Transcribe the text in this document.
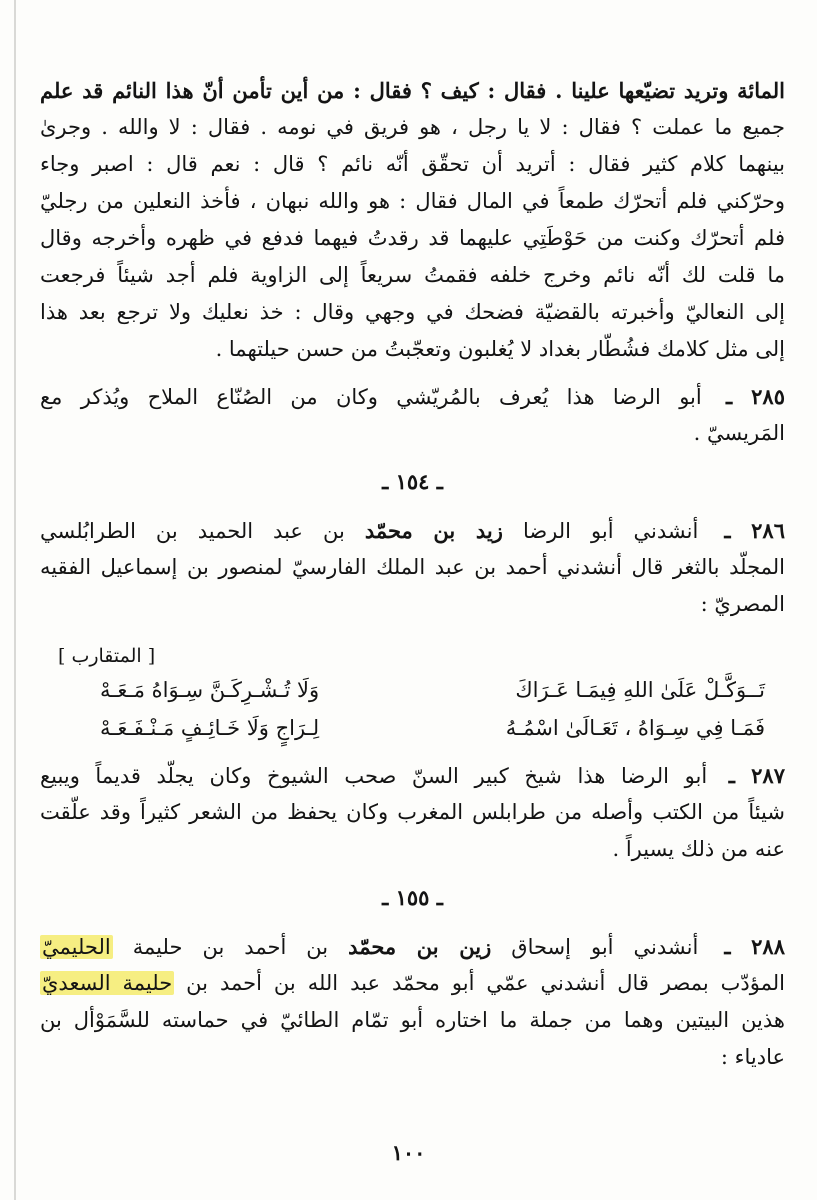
المائة وتريد تضيّعها علينا . فقال : كيف ؟ فقال : من أين تأمن أنّ هذا النائم قد علم
جميع ما عملت ؟ فقال : لا يا رجل ، هو فريق في نومه . فقال : لا والله . وجرىٰ
بينهما كلام كثير فقال : أتريد أن تحقّق أنّه نائم ؟ قال : نعم قال : اصبر وجاء
وحرّكني فلم أتحرّك طمعاً في المال فقال : هو والله نبهان ، فأخذ النعلين من رجليّ
فلم أتحرّك وكنت من حَوْطَتِي عليهما قد رقدتُ فيهما فدفع في ظهره وأخرجه وقال
ما قلت لك أنّه نائم وخرج خلفه فقمتُ سريعاً إلى الزاوية فلم أجد شيئاً فرجعت
إلى النعاليّ وأخبرته بالقضيّة فضحك في وجهي وقال : خذ نعليك ولا ترجع بعد هذا
إلى مثل كلامك فشُطّار بغداد لا يُغلبون وتعجّبتُ من حسن حيلتهما .
٢٨٥ ـ أبو الرضا هذا يُعرف بالمُريّشي وكان من الصُنّاع الملاح ويُذكر مع
المَريسيّ .
ـ ١٥٤ ـ
٢٨٦ ـ أنشدني أبو الرضا زيد بن محمّد بن عبد الحميد بن الطرابُلسي
المجلّد بالثغر قال أنشدني أحمد بن عبد الملك الفارسيّ لمنصور بن إسماعيل الفقيه
المصريّ :
[ المتقارب ]
تَــوَكَّـلْ عَلَىٰ اللهِ فِيمَـا عَـرَاكَ
وَلَا تُـشْـرِكَـنَّ سِـوَاهُ مَـعَـهْ
فَمَـا فِي سِـوَاهُ ، تَعَـالَىٰ اسْمُـهُ
لِـرَاجٍ وَلَا خَـائِـفٍ مَـنْـفَـعَـهْ
٢٨٧ ـ أبو الرضا هذا شيخ كبير السنّ صحب الشيوخ وكان يجلّد قديماً ويبيع
شيئاً من الكتب وأصله من طرابلس المغرب وكان يحفظ من الشعر كثيراً وقد علّقت
عنه من ذلك يسيراً .
ـ ١٥٥ ـ
٢٨٨ ـ أنشدني أبو إسحاق زين بن محمّد بن أحمد بن حليمة الحليميّ
المؤدّب بمصر قال أنشدني عمّي أبو محمّد عبد الله بن أحمد بن حليمة السعديّ
هذين البيتين وهما من جملة ما اختاره أبو تمّام الطائيّ في حماسته للسَّمَوْأل بن
عادياء :
١٠٠
